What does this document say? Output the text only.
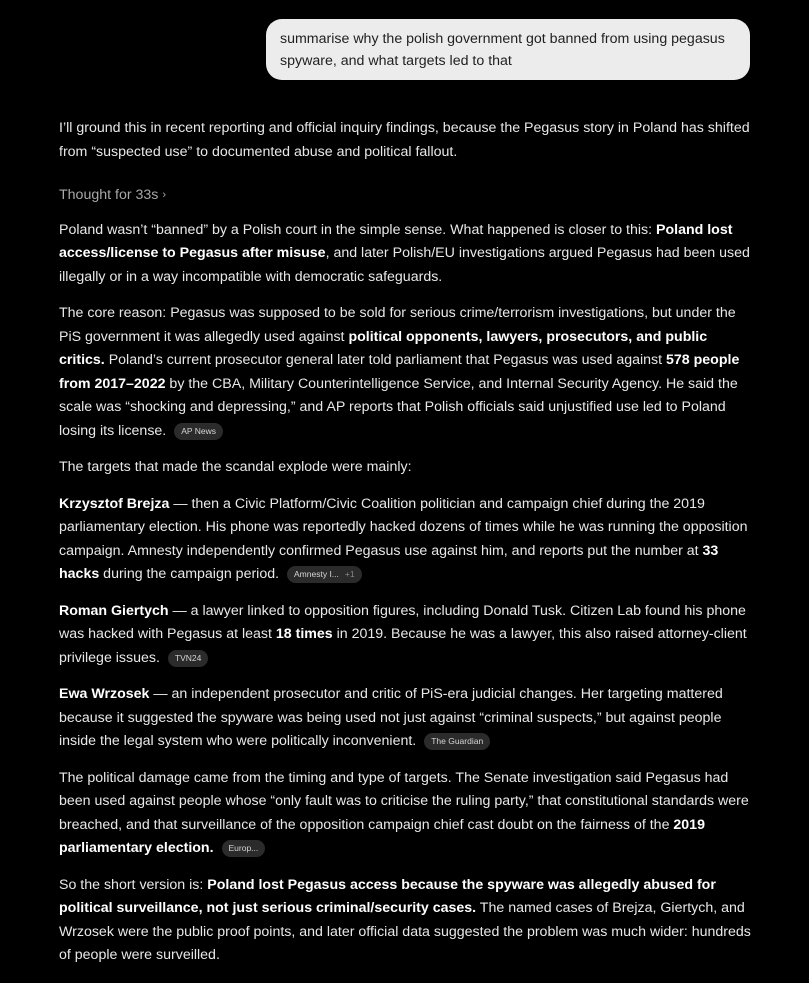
summarise why the polish government got banned from using pegasus spyware, and what targets led to that

I’ll ground this in recent reporting and official inquiry findings, because the Pegasus story in Poland has shifted from “suspected use” to documented abuse and political fallout.

Thought for 33s ›

Poland wasn’t “banned” by a Polish court in the simple sense. What happened is closer to this: Poland lost access/license to Pegasus after misuse, and later Polish/EU investigations argued Pegasus had been used illegally or in a way incompatible with democratic safeguards.

The core reason: Pegasus was supposed to be sold for serious crime/terrorism investigations, but under the PiS government it was allegedly used against political opponents, lawyers, prosecutors, and public critics. Poland’s current prosecutor general later told parliament that Pegasus was used against 578 people from 2017–2022 by the CBA, Military Counterintelligence Service, and Internal Security Agency. He said the scale was “shocking and depressing,” and AP reports that Polish officials said unjustified use led to Poland losing its license. AP News

The targets that made the scandal explode were mainly:

Krzysztof Brejza — then a Civic Platform/Civic Coalition politician and campaign chief during the 2019 parliamentary election. His phone was reportedly hacked dozens of times while he was running the opposition campaign. Amnesty independently confirmed Pegasus use against him, and reports put the number at 33 hacks during the campaign period. Amnesty I... +1

Roman Giertych — a lawyer linked to opposition figures, including Donald Tusk. Citizen Lab found his phone was hacked with Pegasus at least 18 times in 2019. Because he was a lawyer, this also raised attorney-client privilege issues. TVN24

Ewa Wrzosek — an independent prosecutor and critic of PiS-era judicial changes. Her targeting mattered because it suggested the spyware was being used not just against “criminal suspects,” but against people inside the legal system who were politically inconvenient. The Guardian

The political damage came from the timing and type of targets. The Senate investigation said Pegasus had been used against people whose “only fault was to criticise the ruling party,” that constitutional standards were breached, and that surveillance of the opposition campaign chief cast doubt on the fairness of the 2019 parliamentary election. Europ...

So the short version is: Poland lost Pegasus access because the spyware was allegedly abused for political surveillance, not just serious criminal/security cases. The named cases of Brejza, Giertych, and Wrzosek were the public proof points, and later official data suggested the problem was much wider: hundreds of people were surveilled.
